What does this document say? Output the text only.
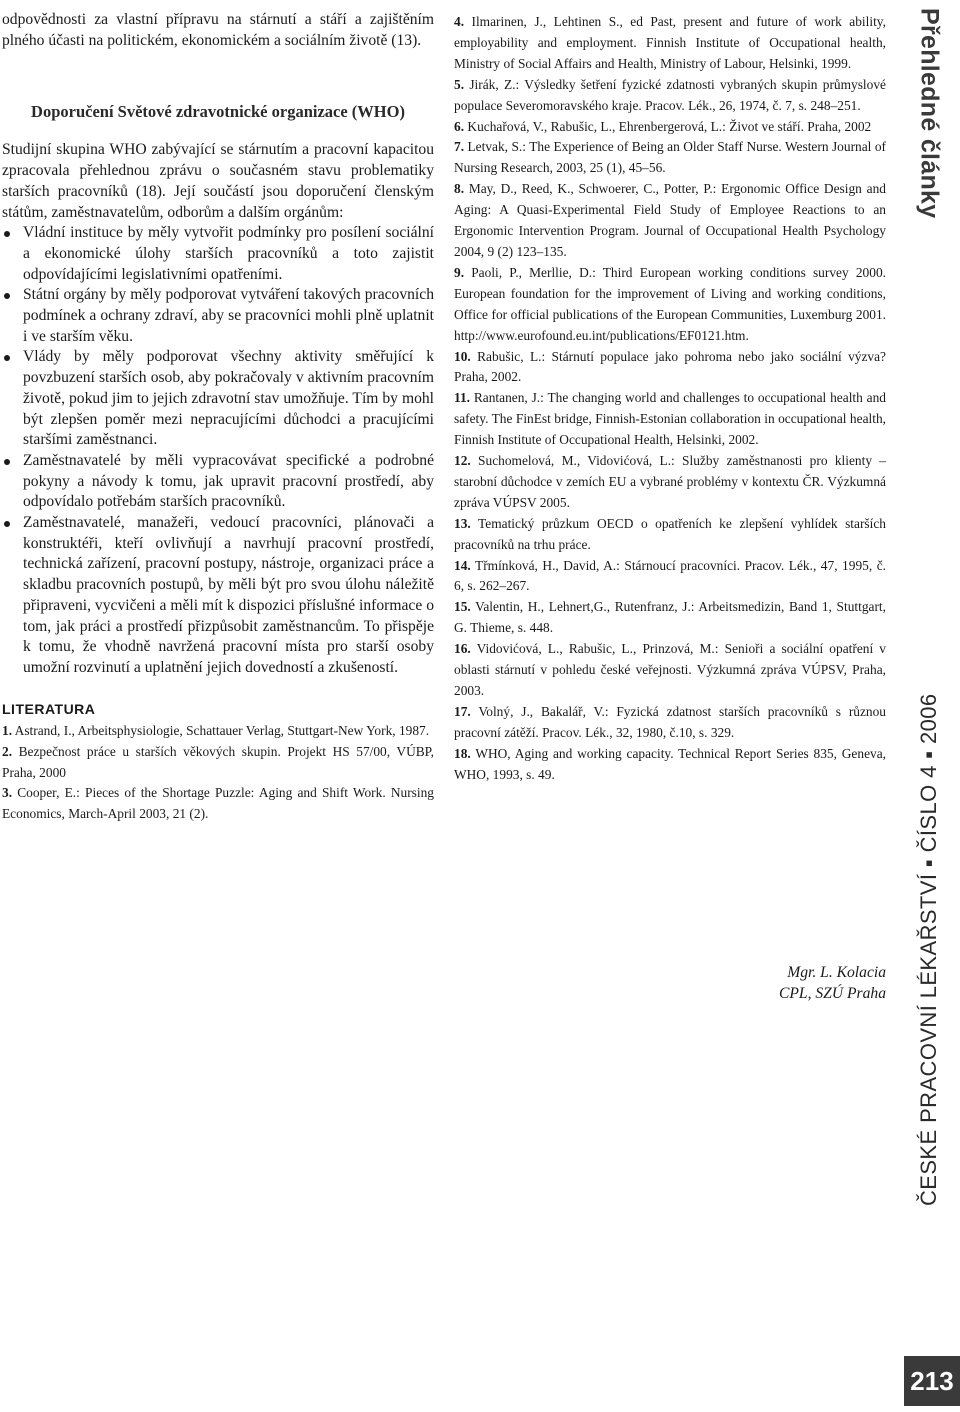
odpovědnosti za vlastní přípravu na stárnutí a stáří a zajištěním plného účasti na politickém, ekonomickém a sociálním životě (13).

Doporučení Světové zdravotnické organizace (WHO)

Studijní skupina WHO zabývající se stárnutím a pracovní kapacitou zpracovala přehlednou zprávu o současném stavu problematiky starších pracovníků (18). Její součástí jsou doporučení členským státům, zaměstnavatelům, odborům a dalším orgánům:

Vládní instituce by měly vytvořit podmínky pro posílení sociální a ekonomické úlohy starších pracovníků a toto zajistit odpovídajícími legislativními opatřeními.
Státní orgány by měly podporovat vytváření takových pracovních podmínek a ochrany zdraví, aby se pracovníci mohli plně uplatnit i ve starším věku.
Vlády by měly podporovat všechny aktivity směřující k povzbuzení starších osob, aby pokračovaly v aktivním pracovním životě, pokud jim to jejich zdravotní stav umožňuje. Tím by mohl být zlepšen poměr mezi nepracujícími důchodci a pracujícími staršími zaměstnanci.
Zaměstnavatelé by měli vypracovávat specifické a podrobné pokyny a návody k tomu, jak upravit pracovní prostředí, aby odpovídalo potřebám starších pracovníků.
Zaměstnavatelé, manažeři, vedoucí pracovníci, plánovači a konstruktéři, kteří ovlivňují a navrhují pracovní prostředí, technická zařízení, pracovní postupy, nástroje, organizaci práce a skladbu pracovních postupů, by měli být pro svou úlohu náležitě připraveni, vycvičeni a měli mít k dispozici příslušné informace o tom, jak práci a prostředí přizpůsobit zaměstnancům. To přispěje k tomu, že vhodně navržená pracovní místa pro starší osoby umožní rozvinutí a uplatnění jejich dovedností a zkušeností.
LITERATURA

1. Astrand, I., Arbeitsphysiologie, Schattauer Verlag, Stuttgart-New York, 1987.

2. Bezpečnost práce u starších věkových skupin. Projekt HS 57/00, VÚBP, Praha, 2000

3. Cooper, E.: Pieces of the Shortage Puzzle: Aging and Shift Work. Nursing Economics, March-April 2003, 21 (2).

4. Ilmarinen, J., Lehtinen S., ed Past, present and future of work ability, employability and employment. Finnish Institute of Occupational health, Ministry of Social Affairs and Health, Ministry of Labour, Helsinki, 1999.

5. Jirák, Z.: Výsledky šetření fyzické zdatnosti vybraných skupin průmyslové populace Severomoravského kraje. Pracov. Lék., 26, 1974, č. 7, s. 248–251.

6. Kuchařová, V., Rabušic, L., Ehrenbergerová, L.: Život ve stáří. Praha, 2002

7. Letvak, S.: The Experience of Being an Older Staff Nurse. Western Journal of Nursing Research, 2003, 25 (1), 45–56.

8. May, D., Reed, K., Schwoerer, C., Potter, P.: Ergonomic Office Design and Aging: A Quasi-Experimental Field Study of Employee Reactions to an Ergonomic Intervention Program. Journal of Occupational Health Psychology 2004, 9 (2) 123–135.

9. Paoli, P., Merllie, D.: Third European working conditions survey 2000. European foundation for the improvement of Living and working conditions, Office for official publications of the European Communities, Luxemburg 2001. http://www.eurofound.eu.int/publications/EF0121.htm.

10. Rabušic, L.: Stárnutí populace jako pohroma nebo jako sociální výzva? Praha, 2002.

11. Rantanen, J.: The changing world and challenges to occupational health and safety. The FinEst bridge, Finnish-Estonian collaboration in occupational health, Finnish Institute of Occupational Health, Helsinki, 2002.

12. Suchomelová, M., Vidovićová, L.: Služby zaměstnanosti pro klienty – starobní důchodce v zemích EU a vybrané problémy v kontextu ČR. Výzkumná zpráva VÚPSV 2005.

13. Tematický průzkum OECD o opatřeních ke zlepšení vyhlídek starších pracovníků na trhu práce.

14. Třmínková, H., David, A.: Stárnoucí pracovníci. Pracov. Lék., 47, 1995, č. 6, s. 262–267.

15. Valentin, H., Lehnert,G., Rutenfranz, J.: Arbeitsmedizin, Band 1, Stuttgart, G. Thieme, s. 448.

16. Vidovićová, L., Rabušic, L., Prinzová, M.: Senioři a sociální opatření v oblasti stárnutí v pohledu české veřejnosti. Výzkumná zpráva VÚPSV, Praha, 2003.

17. Volný, J., Bakalář, V.: Fyzická zdatnost starších pracovníků s různou pracovní zátěží. Pracov. Lék., 32, 1980, č.10, s. 329.

18. WHO, Aging and working capacity. Technical Report Series 835, Geneva, WHO, 1993, s. 49.

Mgr. L. Kolacia
CPL, SZÚ Praha
Přehledné články
ČESKÉ PRACOVNÍ LÉKAŘSTVÍ ▪ ČÍSLO 4 ▪ 2006
213
